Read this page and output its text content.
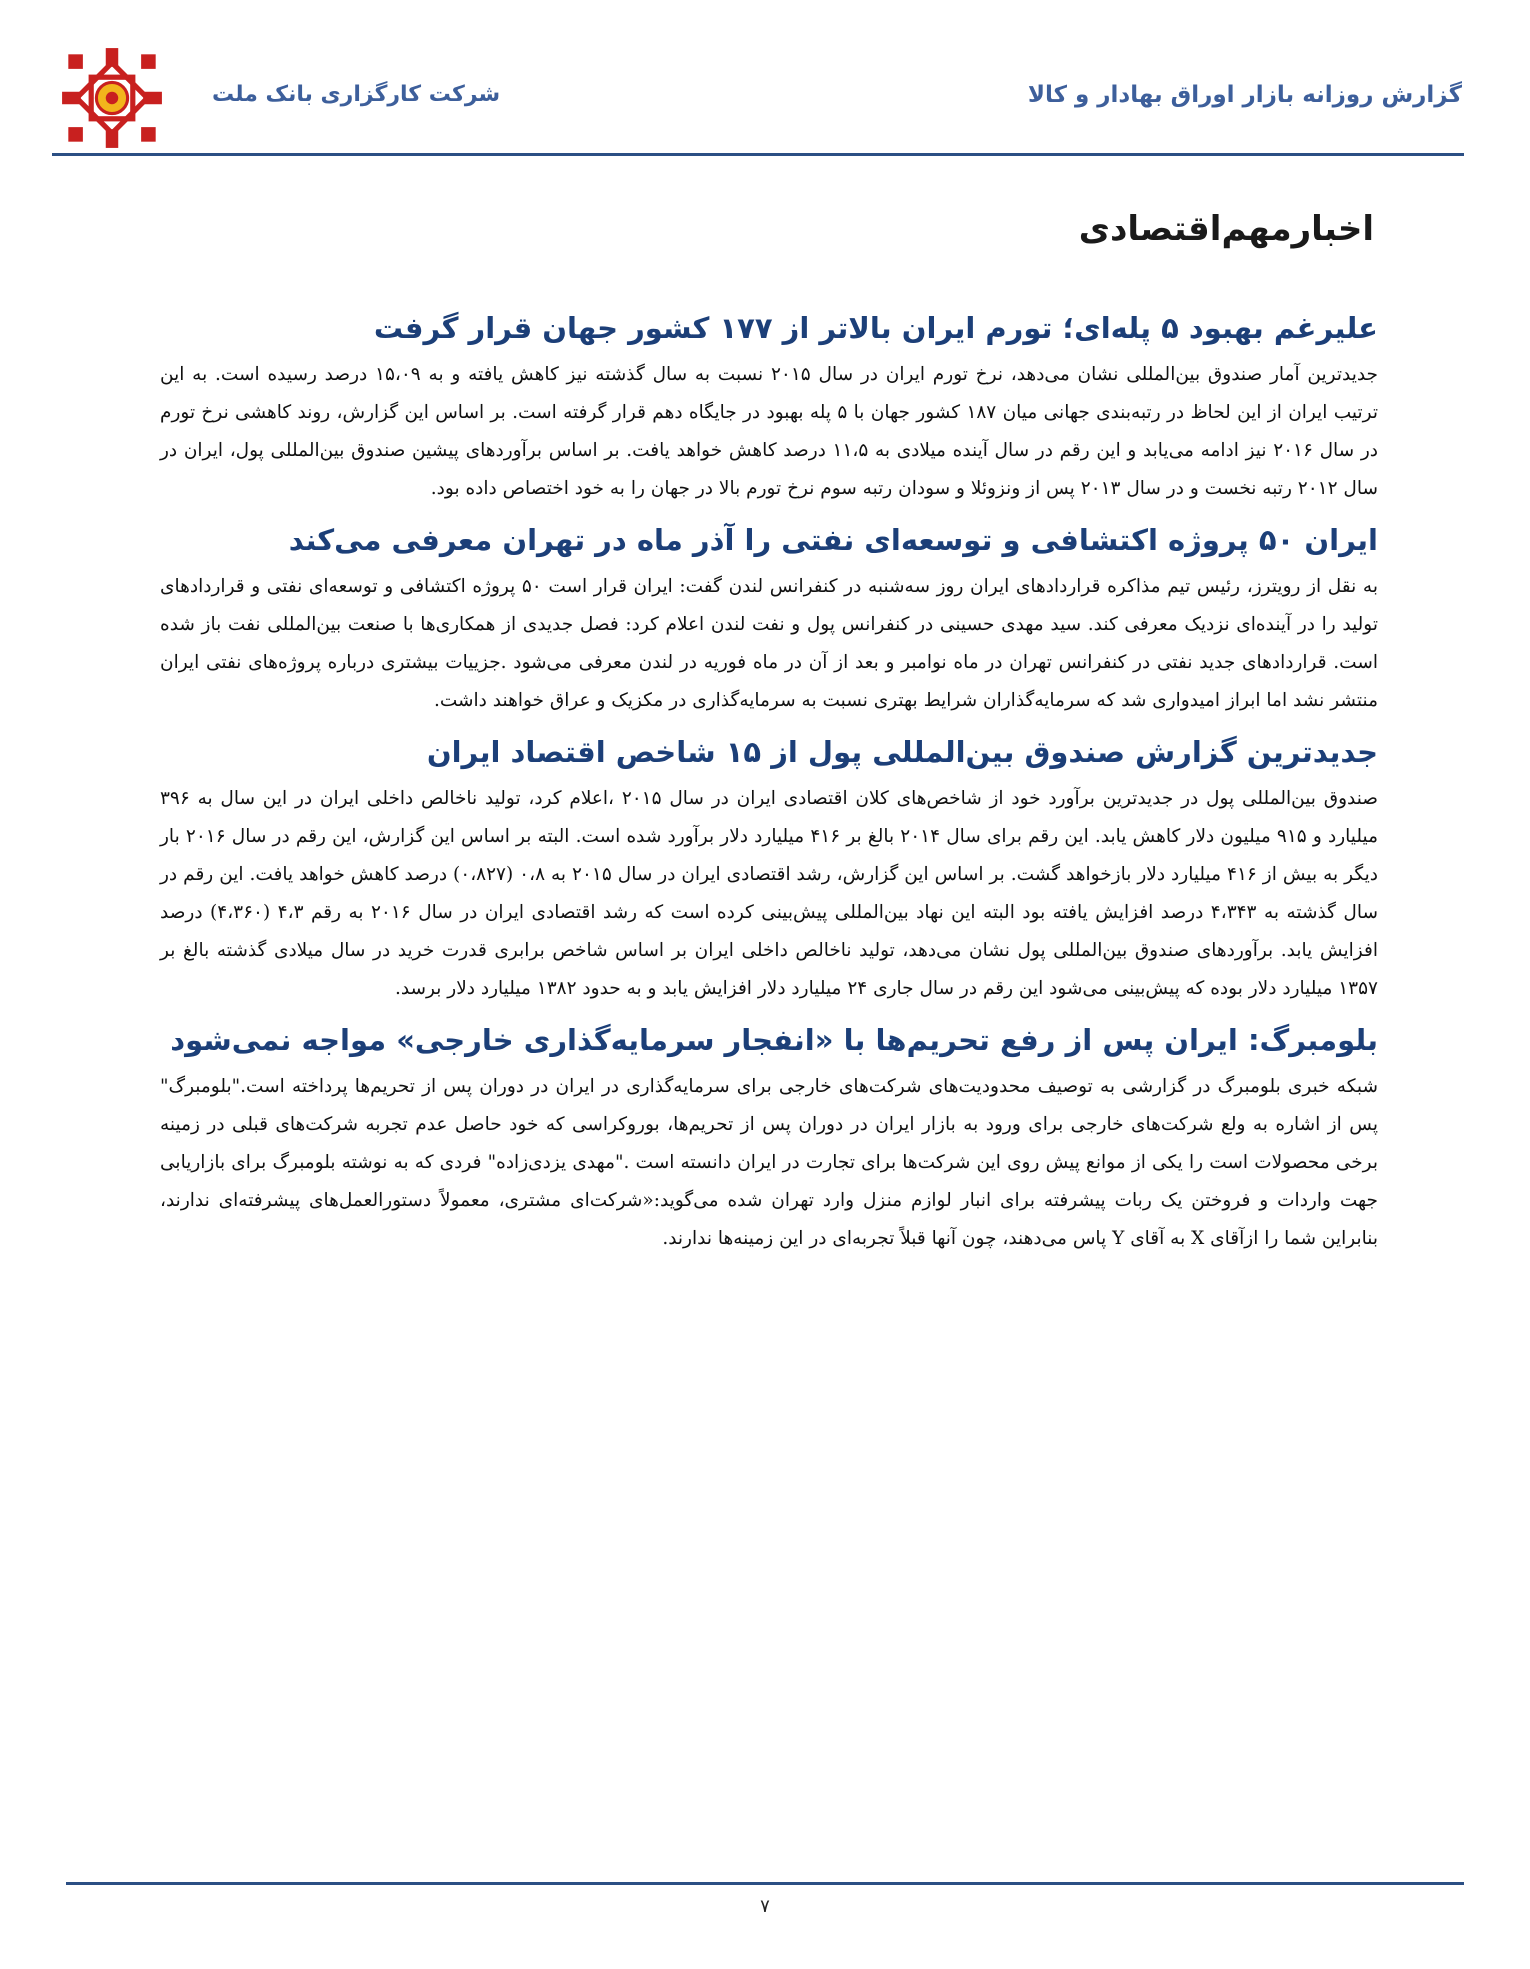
گزارش روزانه بازار اوراق بهادار و کالا
شرکت کارگزاری بانک ملت
اخبارمهم‌اقتصادی
علیرغم بهبود ۵ پله‌ای؛ تورم ایران بالاتر از ۱۷۷ کشور جهان قرار گرفت

جدیدترین آمار صندوق بین‌المللی نشان می‌دهد، نرخ تورم ایران در سال ۲۰۱۵ نسبت به سال گذشته نیز کاهش یافته و به ۱۵،۰۹ درصد رسیده است. به این ترتیب ایران از این لحاظ در رتبه‌بندی جهانی میان ۱۸۷ کشور جهان با ۵ پله بهبود در جایگاه دهم قرار گرفته است. بر اساس این گزارش، روند کاهشی نرخ تورم در سال ۲۰۱۶ نیز ادامه می‌یابد و این رقم در سال آینده میلادی به ۱۱،۵ درصد کاهش خواهد یافت. بر اساس برآوردهای پیشین صندوق بین‌المللی پول، ایران در سال ۲۰۱۲ رتبه نخست و در سال ۲۰۱۳ پس از ونزوئلا و سودان رتبه سوم نرخ تورم بالا در جهان را به خود اختصاص داده بود.

ایران ۵۰ پروژه اکتشافی و توسعه‌ای نفتی را آذر ماه در تهران معرفی می‌کند

به نقل از رویترز، رئیس تیم مذاکره قراردادهای ایران روز سه‌شنبه در کنفرانس لندن گفت: ایران قرار است ۵۰ پروژه اکتشافی و توسعه‌ای نفتی و قراردادهای تولید را در آینده‌ای نزدیک معرفی کند. سید مهدی حسینی در کنفرانس پول و نفت لندن اعلام کرد: فصل جدیدی از همکاری‌ها با صنعت بین‌المللی نفت باز شده است. قراردادهای جدید نفتی در کنفرانس تهران در ماه نوامبر و بعد از آن در ماه فوریه در لندن معرفی می‌شود .جزییات بیشتری درباره پروژه‌های نفتی ایران منتشر نشد اما ابراز امیدواری شد که سرمایه‌گذاران شرایط بهتری نسبت به سرمایه‌گذاری در مکزیک و عراق خواهند داشت.

جدیدترین گزارش صندوق بین‌المللی پول از ۱۵ شاخص اقتصاد ایران

صندوق بین‌المللی پول در جدیدترین برآورد خود از شاخص‌های کلان اقتصادی ایران در سال ۲۰۱۵ ،اعلام کرد، تولید ناخالص داخلی ایران در این سال به ۳۹۶ میلیارد و ۹۱۵ میلیون دلار کاهش یابد. این رقم برای سال ۲۰۱۴ بالغ بر ۴۱۶ میلیارد دلار برآورد شده است. البته بر اساس این گزارش، این رقم در سال ۲۰۱۶ بار دیگر به بیش از ۴۱۶ میلیارد دلار بازخواهد گشت. بر اساس این گزارش، رشد اقتصادی ایران در سال ۲۰۱۵ به ۰،۸ (۰،۸۲۷) درصد کاهش خواهد یافت. این رقم در سال گذشته به ۴،۳۴۳ درصد افزایش یافته بود البته این نهاد بین‌المللی پیش‌بینی کرده است که رشد اقتصادی ایران در سال ۲۰۱۶ به رقم ۴،۳ (۴،۳۶۰) درصد افزایش یابد. برآوردهای صندوق بین‌المللی پول نشان می‌دهد، تولید ناخالص داخلی ایران بر اساس شاخص برابری قدرت خرید در سال میلادی گذشته بالغ بر ۱۳۵۷ میلیارد دلار بوده که پیش‌بینی می‌شود این رقم در سال جاری ۲۴ میلیارد دلار افزایش یابد و به حدود ۱۳۸۲ میلیارد دلار برسد.

بلومبرگ: ایران پس از رفع تحریم‌ها با «انفجار سرمایه‌گذاری خارجی» مواجه نمی‌شود

شبکه خبری بلومبرگ در گزارشی به توصیف محدودیت‌های شرکت‌های خارجی برای سرمایه‌گذاری در ایران در دوران پس از تحریم‌ها پرداخته است."بلومبرگ" پس از اشاره به ولع شرکت‌های خارجی برای ورود به بازار ایران در دوران پس از تحریم‌ها، بوروکراسی که خود حاصل عدم تجربه شرکت‌های قبلی در زمینه برخی محصولات است را یکی از موانع پیش روی این شرکت‌ها برای تجارت در ایران دانسته است ."مهدی یزدی‌زاده" فردی که به نوشته بلومبرگ برای بازاریابی جهت واردات و فروختن یک ربات پیشرفته برای انبار لوازم منزل وارد تهران شده می‌گوید:«شرکت‌ای مشتری، معمولاً دستورالعمل‌های پیشرفته‌ای ندارند، بنابراین شما را ازآقای X به آقای Y پاس می‌دهند، چون آنها قبلاً تجربه‌ای در این زمینه‌ها ندارند.

۷
